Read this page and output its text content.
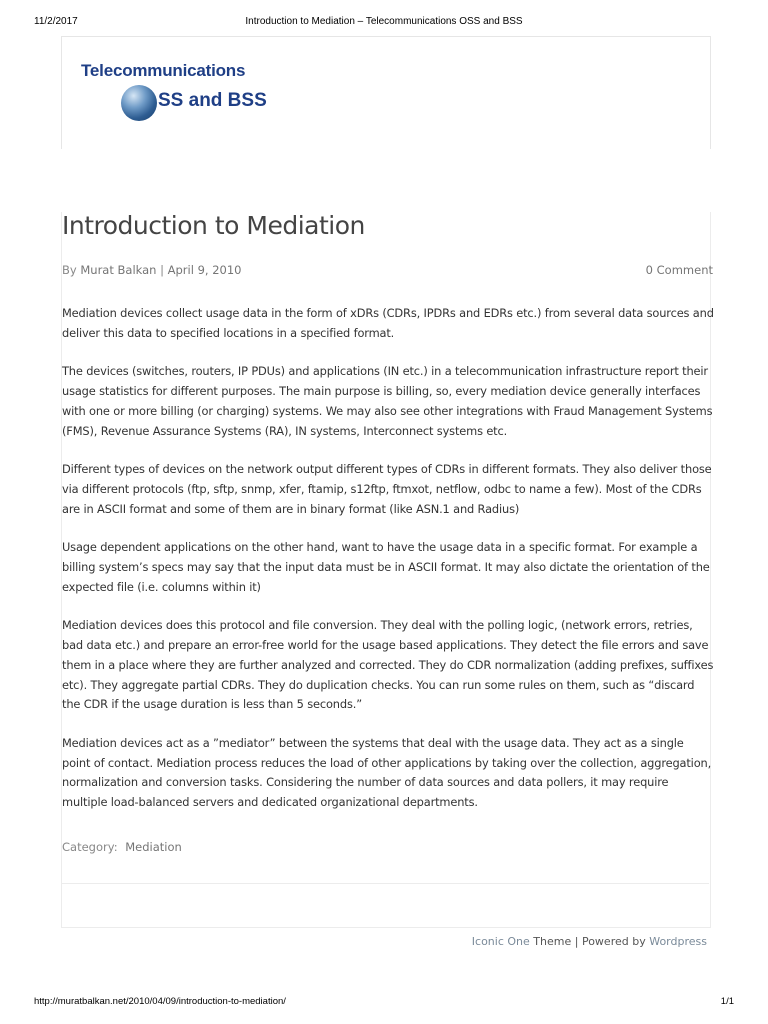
11/2/2017	Introduction to Mediation – Telecommunications OSS and BSS
Telecommunications
SS and BSS
Introduction to Mediation
By Murat Balkan | April 9, 2010	0 Comment

Mediation devices collect usage data in the form of xDRs (CDRs, IPDRs and EDRs etc.) from several data sources and deliver this data to specified locations in a specified format.

The devices (switches, routers, IP PDUs) and applications (IN etc.) in a telecommunication infrastructure report their usage statistics for different purposes. The main purpose is billing, so, every mediation device generally interfaces with one or more billing (or charging) systems. We may also see other integrations with Fraud Management Systems (FMS), Revenue Assurance Systems (RA), IN systems, Interconnect systems etc.

Different types of devices on the network output different types of CDRs in different formats. They also deliver those via different protocols (ftp, sftp, snmp, xfer, ftamip, s12ftp, ftmxot, netflow, odbc to name a few). Most of the CDRs are in ASCII format and some of them are in binary format (like ASN.1 and Radius)

Usage dependent applications on the other hand, want to have the usage data in a specific format. For example a billing system’s specs may say that the input data must be in ASCII format. It may also dictate the orientation of the expected file (i.e. columns within it)

Mediation devices does this protocol and file conversion. They deal with the polling logic, (network errors, retries, bad data etc.) and prepare an error-free world for the usage based applications. They detect the file errors and save them in a place where they are further analyzed and corrected. They do CDR normalization (adding prefixes, suffixes etc). They aggregate partial CDRs. They do duplication checks. You can run some rules on them, such as “discard the CDR if the usage duration is less than 5 seconds.”

Mediation devices act as a ”mediator” between the systems that deal with the usage data. They act as a single point of contact. Mediation process reduces the load of other applications by taking over the collection, aggregation, normalization and conversion tasks. Considering the number of data sources and data pollers, it may require multiple load-balanced servers and dedicated organizational departments.

Category: Mediation
Iconic One Theme | Powered by Wordpress
http://muratbalkan.net/2010/04/09/introduction-to-mediation/	1/1
